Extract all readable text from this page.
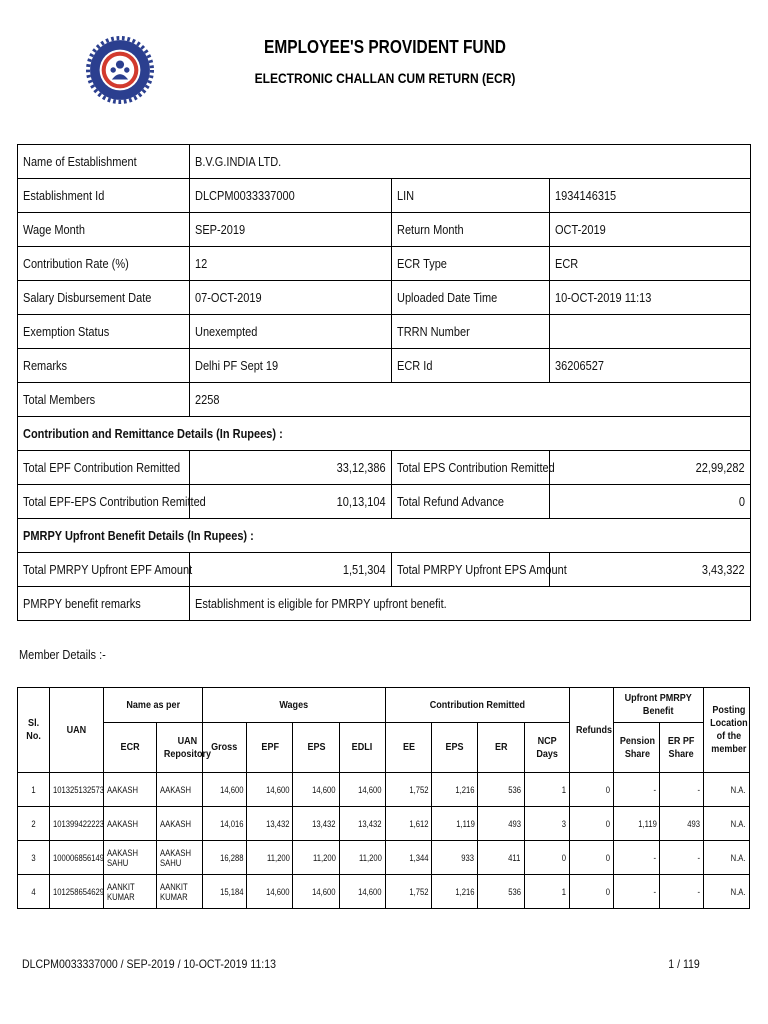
EMPLOYEE'S PROVIDENT FUND
ELECTRONIC CHALLAN CUM RETURN (ECR)
Name of Establishment	B.V.G.INDIA LTD.		
Establishment Id	DLCPM0033337000	LIN	1934146315
Wage Month	SEP-2019	Return Month	OCT-2019
Contribution Rate (%)	12	ECR Type	ECR
Salary Disbursement Date	07-OCT-2019	Uploaded Date Time	10-OCT-2019 11:13
Exemption Status	Unexempted	TRRN Number	
Remarks	Delhi PF Sept 19	ECR Id	36206527
Total Members	2258		
Contribution and Remittance Details (In Rupees) :			
Total EPF Contribution Remitted	33,12,386	Total EPS Contribution Remitted	22,99,282
Total EPF-EPS Contribution Remitted	10,13,104	Total Refund Advance	0
PMRPY Upfront Benefit Details (In Rupees) :			
Total PMRPY Upfront EPF Amount	1,51,304	Total PMRPY Upfront EPS Amount	3,43,322
PMRPY benefit remarks	Establishment is eligible for PMRPY upfront benefit.		
Member Details :-
Sl. No.	UAN	Name as per		Wages				Contribution Remitted				Refunds	Upfront PMRPY Benefit		Posting Location of the member
		ECR	UAN Repository	Gross	EPF	EPS	EDLI	EE	EPS	ER	NCP Days		Pension Share	ER PF Share	
1	101325132573	AAKASH	AAKASH	14,600	14,600	14,600	14,600	1,752	1,216	536	1	0	-	-	N.A.
2	101399422223	AAKASH	AAKASH	14,016	13,432	13,432	13,432	1,612	1,119	493	3	0	1,119	493	N.A.
3	100006856149	AAKASH SAHU	AAKASH SAHU	16,288	11,200	11,200	11,200	1,344	933	411	0	0	-	-	N.A.
4	101258654629	AANKIT KUMAR	AANKIT KUMAR	15,184	14,600	14,600	14,600	1,752	1,216	536	1	0	-	-	N.A.
DLCPM0033337000 / SEP-2019 / 10-OCT-2019 11:13	1 / 119
